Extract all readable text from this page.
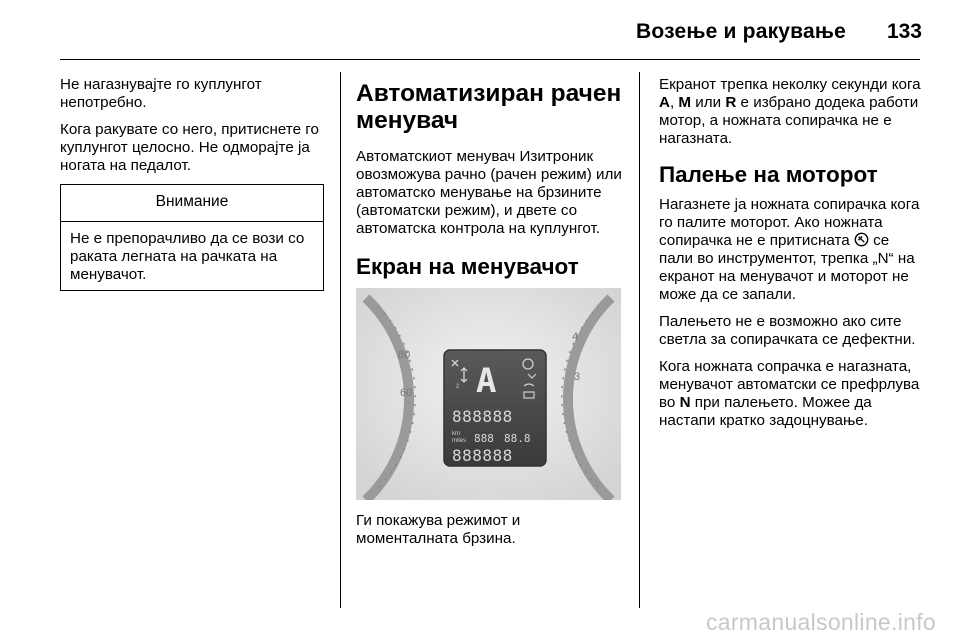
Возење и ракување 133

Не нагазнувајте го куплунгот непотребно.

Кога ракувате со него, притиснете го куплунгот целосно. Не одморајте ја ногата на педалот.

Внимание
Не е препорачливо да се вози со раката легната на рачката на менувачот.
Автоматизиран рачен менувач

Автоматскиот менувач Изитроник овозможува рачно (рачен режим) или автоматско менување на брзините (автоматски режим), и двете со автоматска контрола на куплунгот.

Екран на менувачот
80
60
4
3
2 A
888888
km
miles 888 88.8
888888

Ги покажува режимот и моменталната брзина.

Екранот трепка неколку секунди кога A, M или R е избрано додека работи мотор, а ножната сопирачка не е нагазната.

Палење на моторот

Нагазнете ја ножната сопирачка кога го палите моторот. Ако ножната сопирачка не е притисната  се пали во инструментот, трепка „N“ на екранот на менувачот и моторот не може да се запали.

Палењето не е возможно ако сите светла за сопирачката се дефектни.

Кога ножната сопрачка е нагазната, менувачот автоматски се префрлува во N при палењето. Можее да настапи кратко задоцнување.

carmanualsonline.info
